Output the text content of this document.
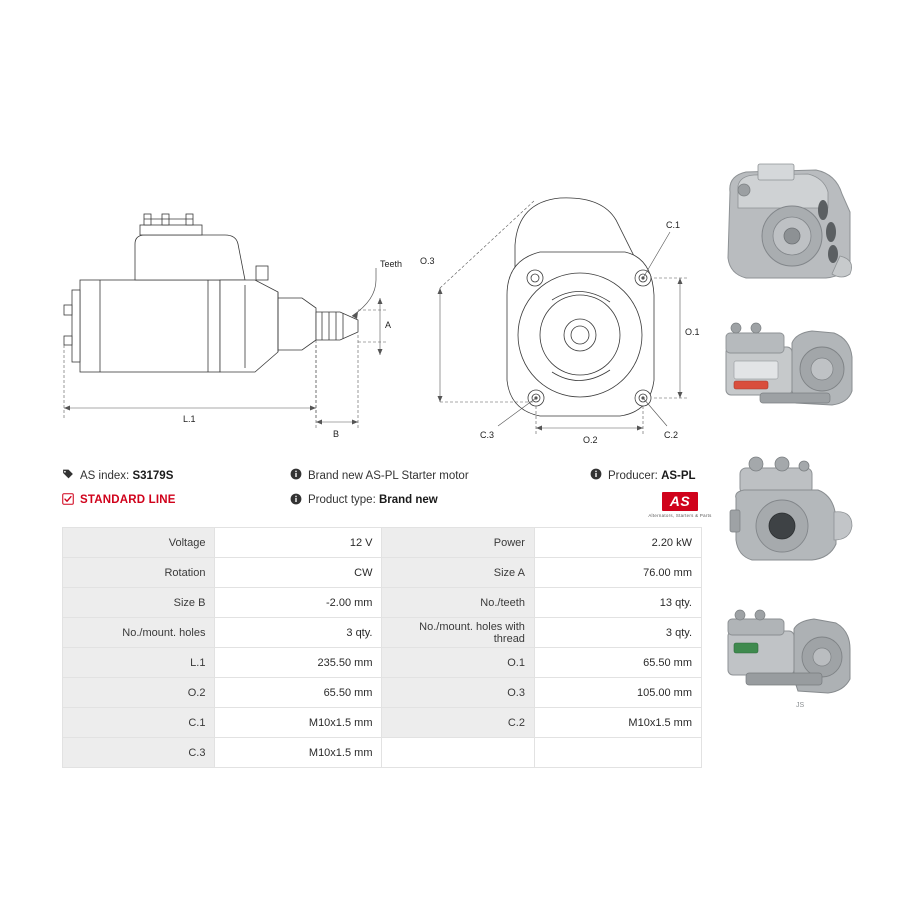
Teeth
A
L.1
B
O.3
O.1
O.2
C.1
C.2
C.3
JS
AS index:
S3179S	Brand new AS-PL Starter motor	Producer:
AS-PL
STANDARD LINE	Product type:
Brand new	AS
Alternators, Starters & Parts
Voltage	12 V	Power	2.20 kW
Rotation	CW	Size A	76.00 mm
Size B	-2.00 mm	No./teeth	13 qty.
No./mount. holes	3 qty.	No./mount. holes with thread	3 qty.
L.1	235.50 mm	O.1	65.50 mm
O.2	65.50 mm	O.3	105.00 mm
C.1	M10x1.5 mm	C.2	M10x1.5 mm
C.3	M10x1.5 mm		
